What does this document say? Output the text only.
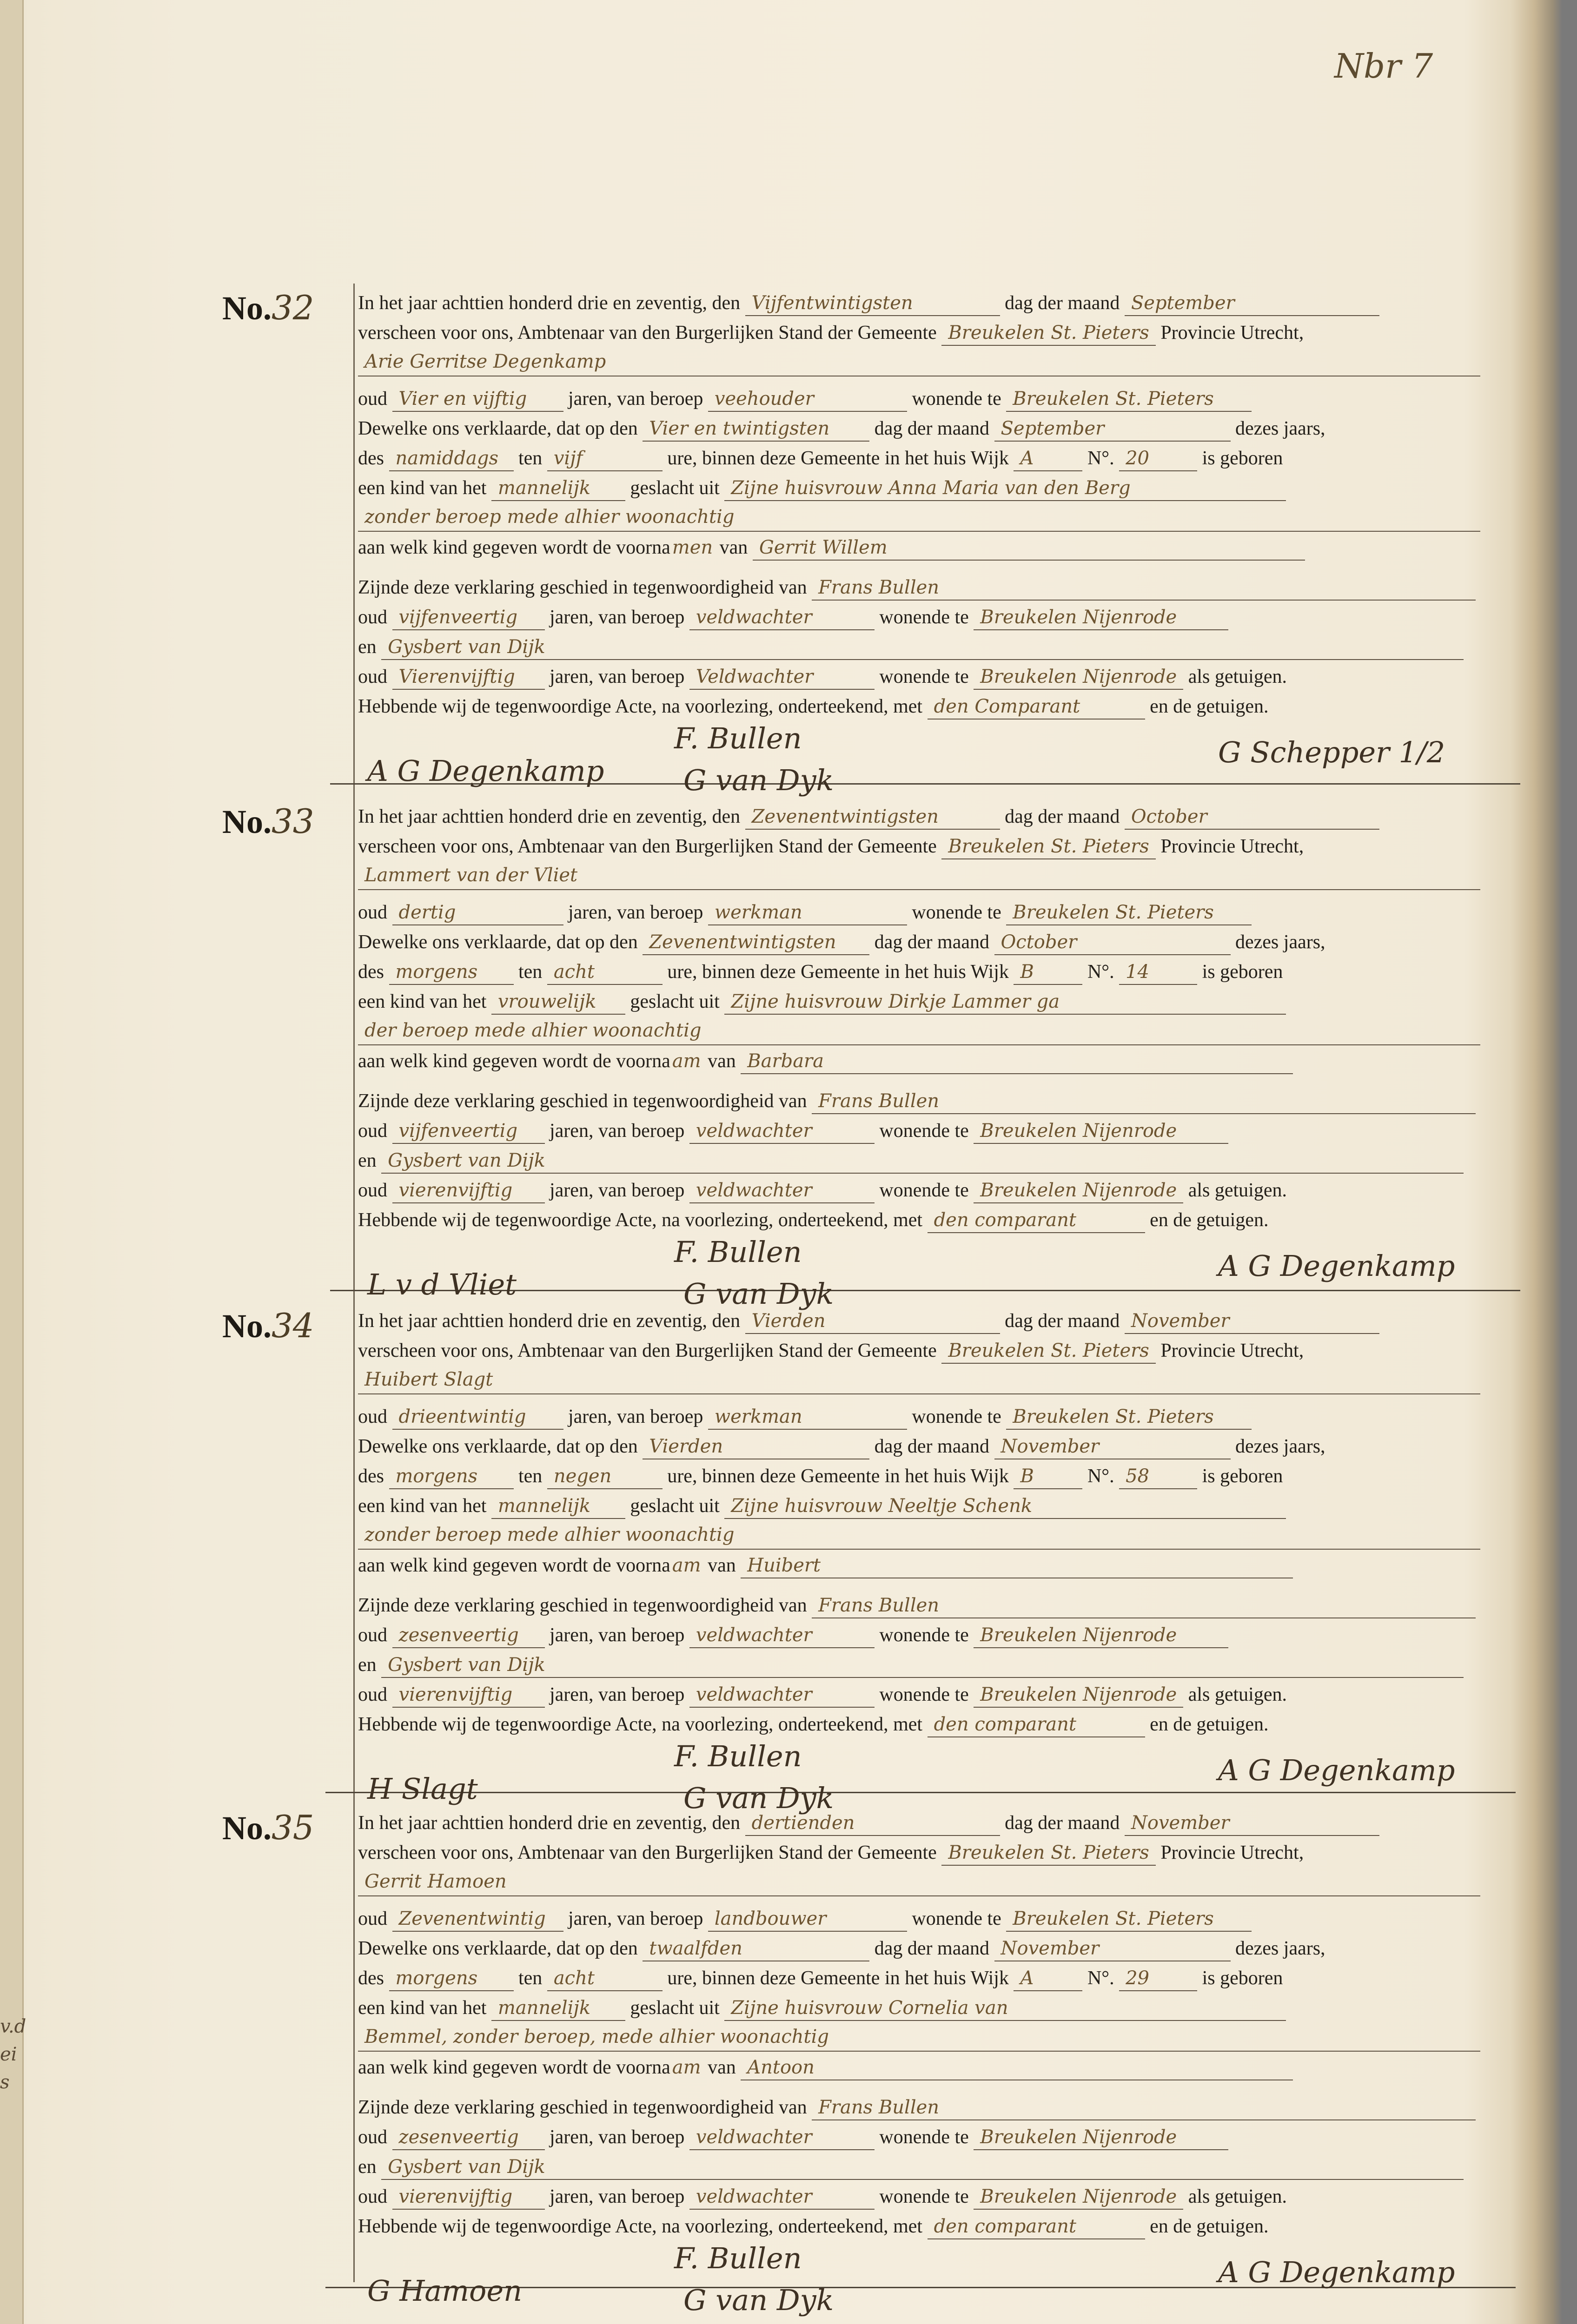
Nbr 7
v.d
ei
s
No.32 In het jaar achttien honderd drie en zeventig, den Vijfentwintigsten	dag der maand September
verscheen voor ons, Ambtenaar van den Burgerlijken Stand der Gemeente Breukelen St. Pieters Provincie Utrecht,
Arie Gerritse Degenkamp
oud Vier en vijftig jaren, van beroep veehouder	wonende te Breukelen St. Pieters
Dewelke ons verklaarde, dat op den Vier en twintigsten dag der maand September	dezes jaars,
des namiddags ten vijf	ure, binnen deze Gemeente in het huis Wijk A	N°. 20	is geboren
een kind van het mannelijk geslacht uit Zijne huisvrouw Anna Maria van den Berg
zonder beroep mede alhier woonachtig
aan welk kind gegeven wordt de voorna men van Gerrit Willem
Zijnde deze verklaring geschied in tegenwoordigheid van Frans Bullen
oud vijfenveertig jaren, van beroep veldwachter	wonende te Breukelen Nijenrode
en Gysbert van Dijk
oud Vierenvijftig jaren, van beroep Veldwachter	wonende te Breukelen Nijenrode als getuigen.
Hebbende wij de tegenwoordige Acte, na voorlezing, onderteekend, met den Comparant	en de getuigen.
A G Degenkamp
F. Bullen
G van Dyk
G Schepper 1/2
No.33 In het jaar achttien honderd drie en zeventig, den Zevenentwintigsten	dag der maand October
verscheen voor ons, Ambtenaar van den Burgerlijken Stand der Gemeente Breukelen St. Pieters Provincie Utrecht,
Lammert van der Vliet
oud dertig	jaren, van beroep werkman	wonende te Breukelen St. Pieters
Dewelke ons verklaarde, dat op den Zevenentwintigsten dag der maand October	dezes jaars,
des morgens ten acht	ure, binnen deze Gemeente in het huis Wijk B	N°. 14	is geboren
een kind van het vrouwelijk geslacht uit Zijne huisvrouw Dirkje Lammer ga
der beroep mede alhier woonachtig
aan welk kind gegeven wordt de voorna am van Barbara
Zijnde deze verklaring geschied in tegenwoordigheid van Frans Bullen
oud vijfenveertig jaren, van beroep veldwachter	wonende te Breukelen Nijenrode
en Gysbert van Dijk
oud vierenvijftig jaren, van beroep veldwachter	wonende te Breukelen Nijenrode als getuigen.
Hebbende wij de tegenwoordige Acte, na voorlezing, onderteekend, met den comparant	en de getuigen.
L v d Vliet
F. Bullen
G van Dyk
A G Degenkamp
No.34 In het jaar achttien honderd drie en zeventig, den Vierden	dag der maand November
verscheen voor ons, Ambtenaar van den Burgerlijken Stand der Gemeente Breukelen St. Pieters Provincie Utrecht,
Huibert Slagt
oud drieentwintig jaren, van beroep werkman	wonende te Breukelen St. Pieters
Dewelke ons verklaarde, dat op den Vierden	dag der maand November	dezes jaars,
des morgens ten negen	ure, binnen deze Gemeente in het huis Wijk B	N°. 58	is geboren
een kind van het mannelijk geslacht uit Zijne huisvrouw Neeltje Schenk
zonder beroep mede alhier woonachtig
aan welk kind gegeven wordt de voorna am van Huibert
Zijnde deze verklaring geschied in tegenwoordigheid van Frans Bullen
oud zesenveertig jaren, van beroep veldwachter	wonende te Breukelen Nijenrode
en Gysbert van Dijk
oud vierenvijftig jaren, van beroep veldwachter	wonende te Breukelen Nijenrode als getuigen.
Hebbende wij de tegenwoordige Acte, na voorlezing, onderteekend, met den comparant	en de getuigen.
H Slagt
F. Bullen
G van Dyk
A G Degenkamp
No.35 In het jaar achttien honderd drie en zeventig, den dertienden	dag der maand November
verscheen voor ons, Ambtenaar van den Burgerlijken Stand der Gemeente Breukelen St. Pieters Provincie Utrecht,
Gerrit Hamoen
oud Zevenentwintig jaren, van beroep landbouwer	wonende te Breukelen St. Pieters
Dewelke ons verklaarde, dat op den twaalfden	dag der maand November	dezes jaars,
des morgens ten acht	ure, binnen deze Gemeente in het huis Wijk A	N°. 29	is geboren
een kind van het mannelijk geslacht uit Zijne huisvrouw Cornelia van
Bemmel, zonder beroep, mede alhier woonachtig
aan welk kind gegeven wordt de voorna am van Antoon
Zijnde deze verklaring geschied in tegenwoordigheid van Frans Bullen
oud zesenveertig jaren, van beroep veldwachter	wonende te Breukelen Nijenrode
en Gysbert van Dijk
oud vierenvijftig jaren, van beroep veldwachter	wonende te Breukelen Nijenrode als getuigen.
Hebbende wij de tegenwoordige Acte, na voorlezing, onderteekend, met den comparant	en de getuigen.
G Hamoen
F. Bullen
G van Dyk
A G Degenkamp
